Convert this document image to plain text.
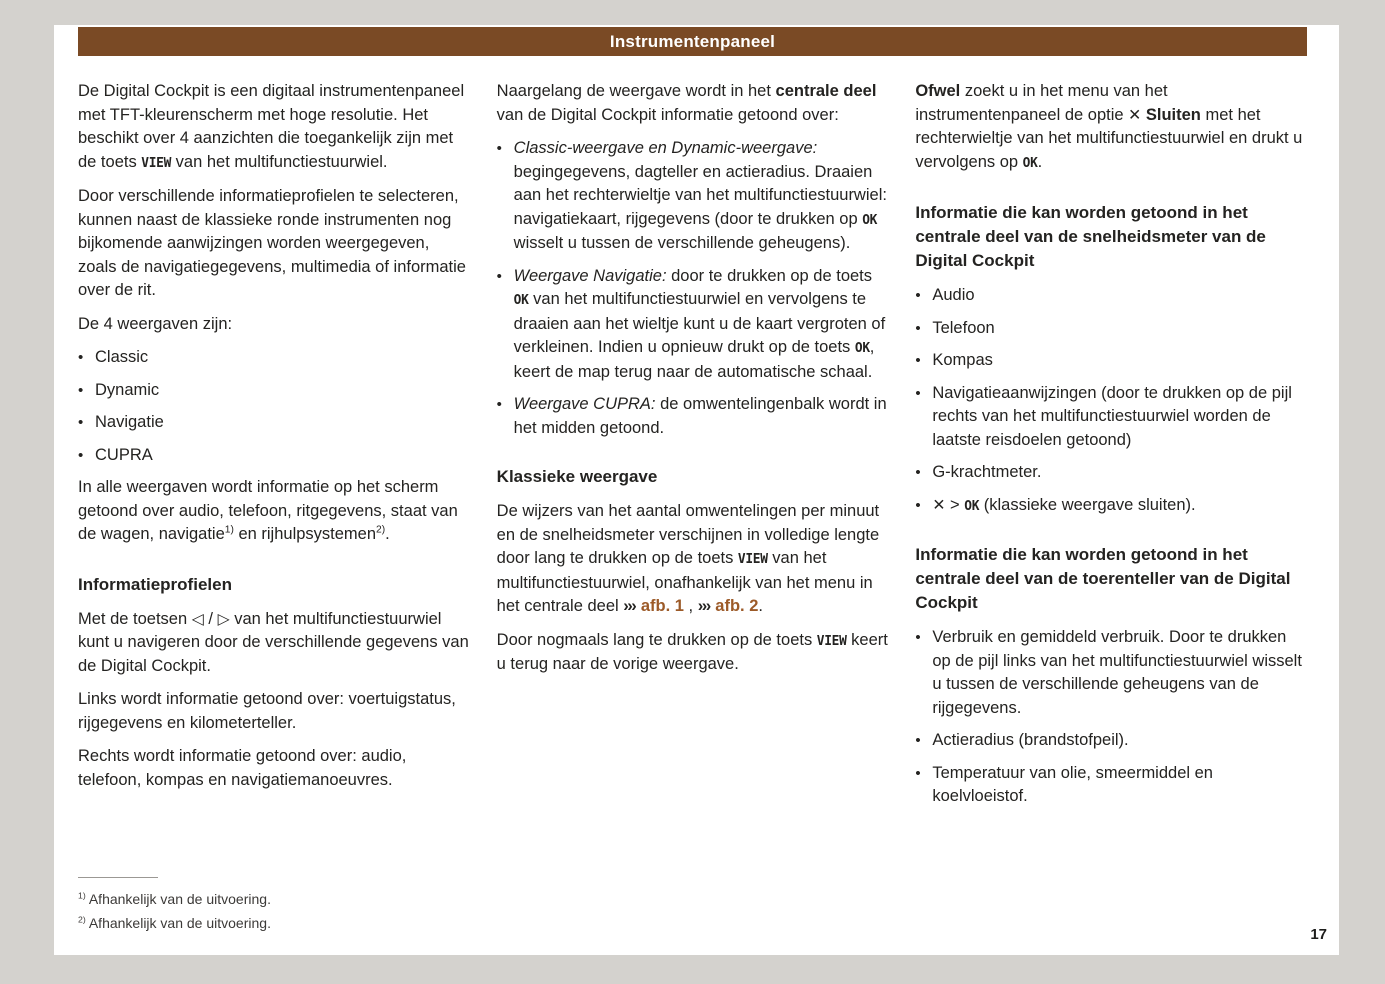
Instrumentenpaneel
De Digital Cockpit is een digitaal instrumentenpaneel met TFT-kleurenscherm met hoge resolutie. Het beschikt over 4 aanzichten die toegankelijk zijn met de toets VIEW van het multifunctiestuurwiel.
Door verschillende informatieprofielen te selecteren, kunnen naast de klassieke ronde instrumenten nog bijkomende aanwijzingen worden weergegeven, zoals de navigatiegegevens, multimedia of informatie over de rit.
De 4 weergaven zijn:
• Classic
• Dynamic
• Navigatie
• CUPRA
In alle weergaven wordt informatie op het scherm getoond over audio, telefoon, ritgegevens, staat van de wagen, navigatie$^{1)}$ en rijhulpsystemen$^{2)}$.
Informatieprofielen
Met de toetsen ◁ / ▷ van het multifunctiestuurwiel kunt u navigeren door de verschillende gegevens van de Digital Cockpit.
Links wordt informatie getoond over: voertuigstatus, rijgegevens en kilometerteller.
Rechts wordt informatie getoond over: audio, telefoon, kompas en navigatiemanoeuvres.
$^{1)}$ Afhankelijk van de uitvoering.
$^{2)}$ Afhankelijk van de uitvoering.
Naargelang de weergave wordt in het centrale deel van de Digital Cockpit informatie getoond over:
• Classic-weergave en Dynamic-weergave: begingegevens, dagteller en actieradius. Draaien aan het rechterwieltje van het multifunctiestuurwiel: navigatiekaart, rijgegevens (door te drukken op OK wisselt u tussen de verschillende geheugens).
• Weergave Navigatie: door te drukken op de toets OK van het multifunctiestuurwiel en vervolgens te draaien aan het wieltje kunt u de kaart vergroten of verkleinen. Indien u opnieuw drukt op de toets OK, keert de map terug naar de automatische schaal.
• Weergave CUPRA: de omwentelingenbalk wordt in het midden getoond.
Klassieke weergave
De wijzers van het aantal omwentelingen per minuut en de snelheidsmeter verschijnen in volledige lengte door lang te drukken op de toets VIEW van het multifunctiestuurwiel, onafhankelijk van het menu in het centrale deel ››› afb. 1 , ››› afb. 2.
Door nogmaals lang te drukken op de toets VIEW keert u terug naar de vorige weergave.
Ofwel zoekt u in het menu van het instrumentenpaneel de optie ✕ Sluiten met het rechterwieltje van het multifunctiestuurwiel en drukt u vervolgens op OK.
Informatie die kan worden getoond in het centrale deel van de snelheidsmeter van de Digital Cockpit
• Audio
• Telefoon
• Kompas
• Navigatieaanwijzingen (door te drukken op de pijl rechts van het multifunctiestuurwiel worden de laatste reisdoelen getoond)
• G-krachtmeter.
• ✕ > OK (klassieke weergave sluiten).
Informatie die kan worden getoond in het centrale deel van de toerenteller van de Digital Cockpit
• Verbruik en gemiddeld verbruik. Door te drukken op de pijl links van het multifunctiestuurwiel wisselt u tussen de verschillende geheugens van de rijgegevens.
• Actieradius (brandstofpeil).
• Temperatuur van olie, smeermiddel en koelvloeistof.
17
